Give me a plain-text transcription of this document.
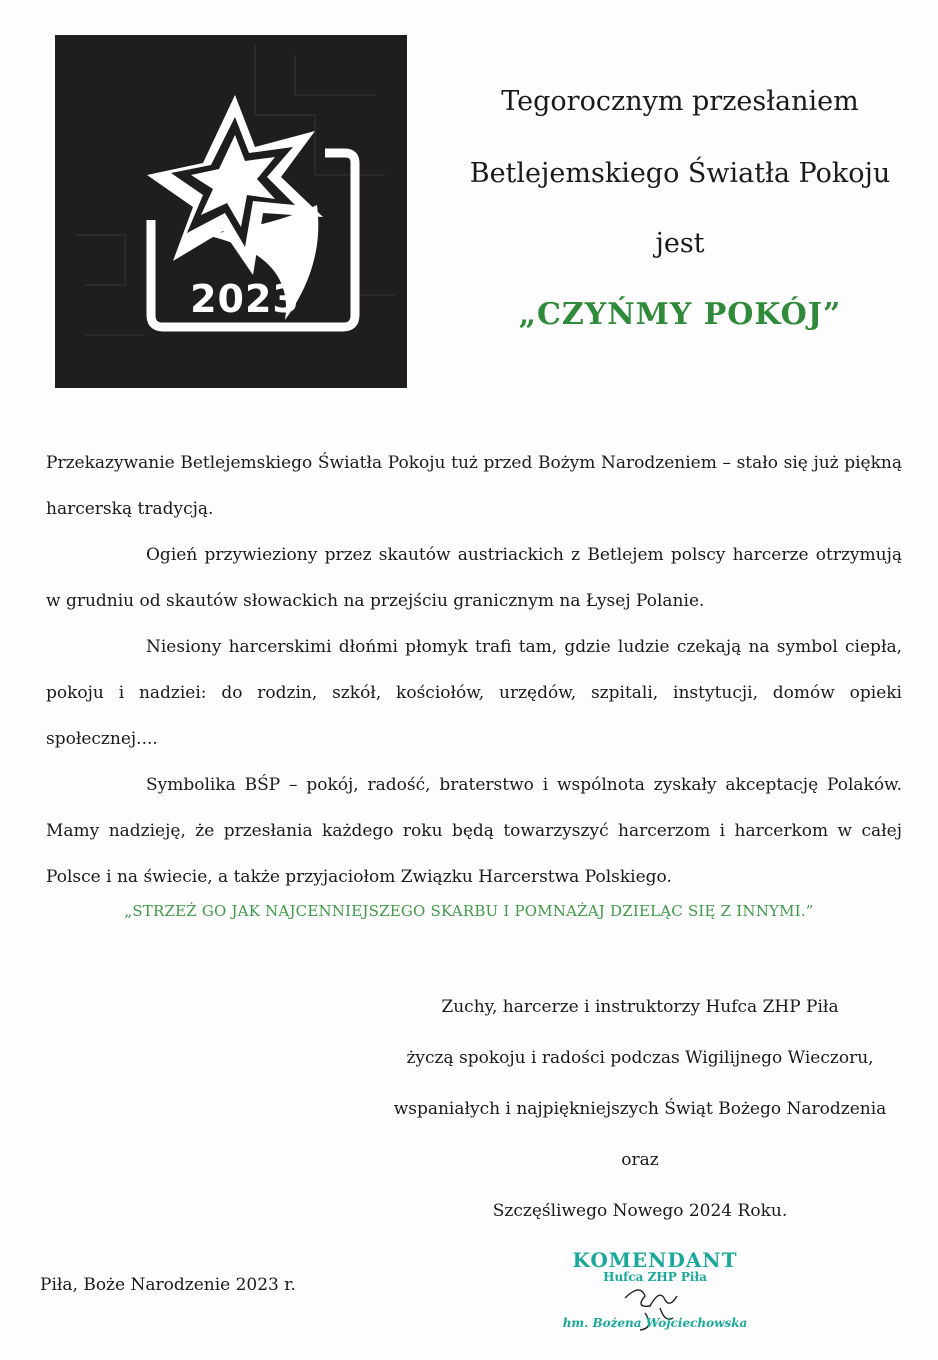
2023
Tegorocznym przesłaniem
Betlejemskiego Światła Pokoju
jest
„CZYŃMY POKÓJ”

Przekazywanie Betlejemskiego Światła Pokoju tuż przed Bożym Narodzeniem – stało się już piękną harcerską tradycją.

Ogień przywieziony przez skautów austriackich z Betlejem polscy harcerze otrzymują w grudniu od skautów słowackich na przejściu granicznym na Łysej Polanie.

Niesiony harcerskimi dłońmi płomyk trafi tam, gdzie ludzie czekają na symbol ciepła, pokoju i nadziei: do rodzin, szkół, kościołów, urzędów, szpitali, instytucji, domów opieki społecznej....

Symbolika BŚP – pokój, radość, braterstwo i wspólnota zyskały akceptację Polaków. Mamy nadzieję, że przesłania każdego roku będą towarzyszyć harcerzom i harcerkom w całej Polsce i na świecie, a także przyjaciołom Związku Harcerstwa Polskiego.

„STRZEŻ GO JAK NAJCENNIEJSZEGO SKARBU I POMNAŻAJ DZIELĄC SIĘ Z INNYMI.”
Zuchy, harcerze i instruktorzy Hufca ZHP Piła
życzą spokoju i radości podczas Wigilijnego Wieczoru,
wspaniałych i najpiękniejszych Świąt Bożego Narodzenia
oraz
Szczęśliwego Nowego 2024 Roku.
Piła, Boże Narodzenie 2023 r.
KOMENDANT
Hufca ZHP Piła
hm. Bożena Wojciechowska
